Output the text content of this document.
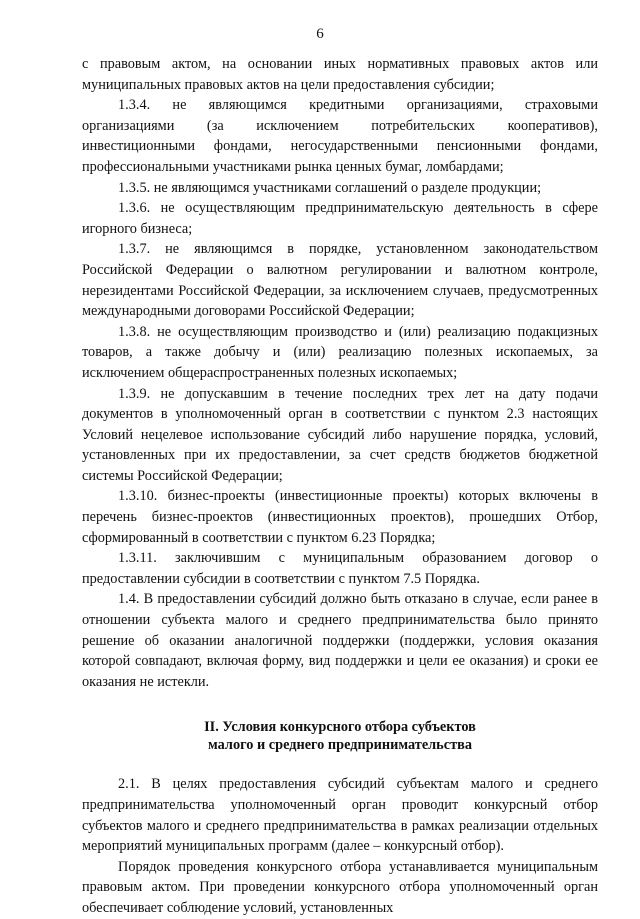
6

с правовым актом, на основании иных нормативных правовых актов или муниципальных правовых актов на цели предоставления субсидии;

1.3.4. не являющимся кредитными организациями, страховыми организациями (за исключением потребительских кооперативов), инвестиционными фондами, негосударственными пенсионными фондами, профессиональными участниками рынка ценных бумаг, ломбардами;

1.3.5. не являющимся участниками соглашений о разделе продукции;

1.3.6. не осуществляющим предпринимательскую деятельность в сфере игорного бизнеса;

1.3.7. не являющимся в порядке, установленном законодательством Российской Федерации о валютном регулировании и валютном контроле, нерезидентами Российской Федерации, за исключением случаев, предусмотренных международными договорами Российской Федерации;

1.3.8. не осуществляющим производство и (или) реализацию подакцизных товаров, а также добычу и (или) реализацию полезных ископаемых, за исключением общераспространенных полезных ископаемых;

1.3.9. не допускавшим в течение последних трех лет на дату подачи документов в уполномоченный орган в соответствии с пунктом 2.3 настоящих Условий нецелевое использование субсидий либо нарушение порядка, условий, установленных при их предоставлении, за счет средств бюджетов бюджетной системы Российской Федерации;

1.3.10. бизнес-проекты (инвестиционные проекты) которых включены в перечень бизнес-проектов (инвестиционных проектов), прошедших Отбор, сформированный в соответствии с пунктом 6.23 Порядка;

1.3.11. заключившим с муниципальным образованием договор о предоставлении субсидии в соответствии с пунктом 7.5 Порядка.

1.4. В предоставлении субсидий должно быть отказано в случае, если ранее в отношении субъекта малого и среднего предпринимательства было принято решение об оказании аналогичной поддержки (поддержки, условия оказания которой совпадают, включая форму, вид поддержки и цели ее оказания) и сроки ее оказания не истекли.

II. Условия конкурсного отбора субъектов
малого и среднего предпринимательства

2.1. В целях предоставления субсидий субъектам малого и среднего предпринимательства уполномоченный орган проводит конкурсный отбор субъектов малого и среднего предпринимательства в рамках реализации отдельных мероприятий муниципальных программ (далее – конкурсный отбор).

Порядок проведения конкурсного отбора устанавливается муниципальным правовым актом. При проведении конкурсного отбора уполномоченный орган обеспечивает соблюдение условий, установленных
